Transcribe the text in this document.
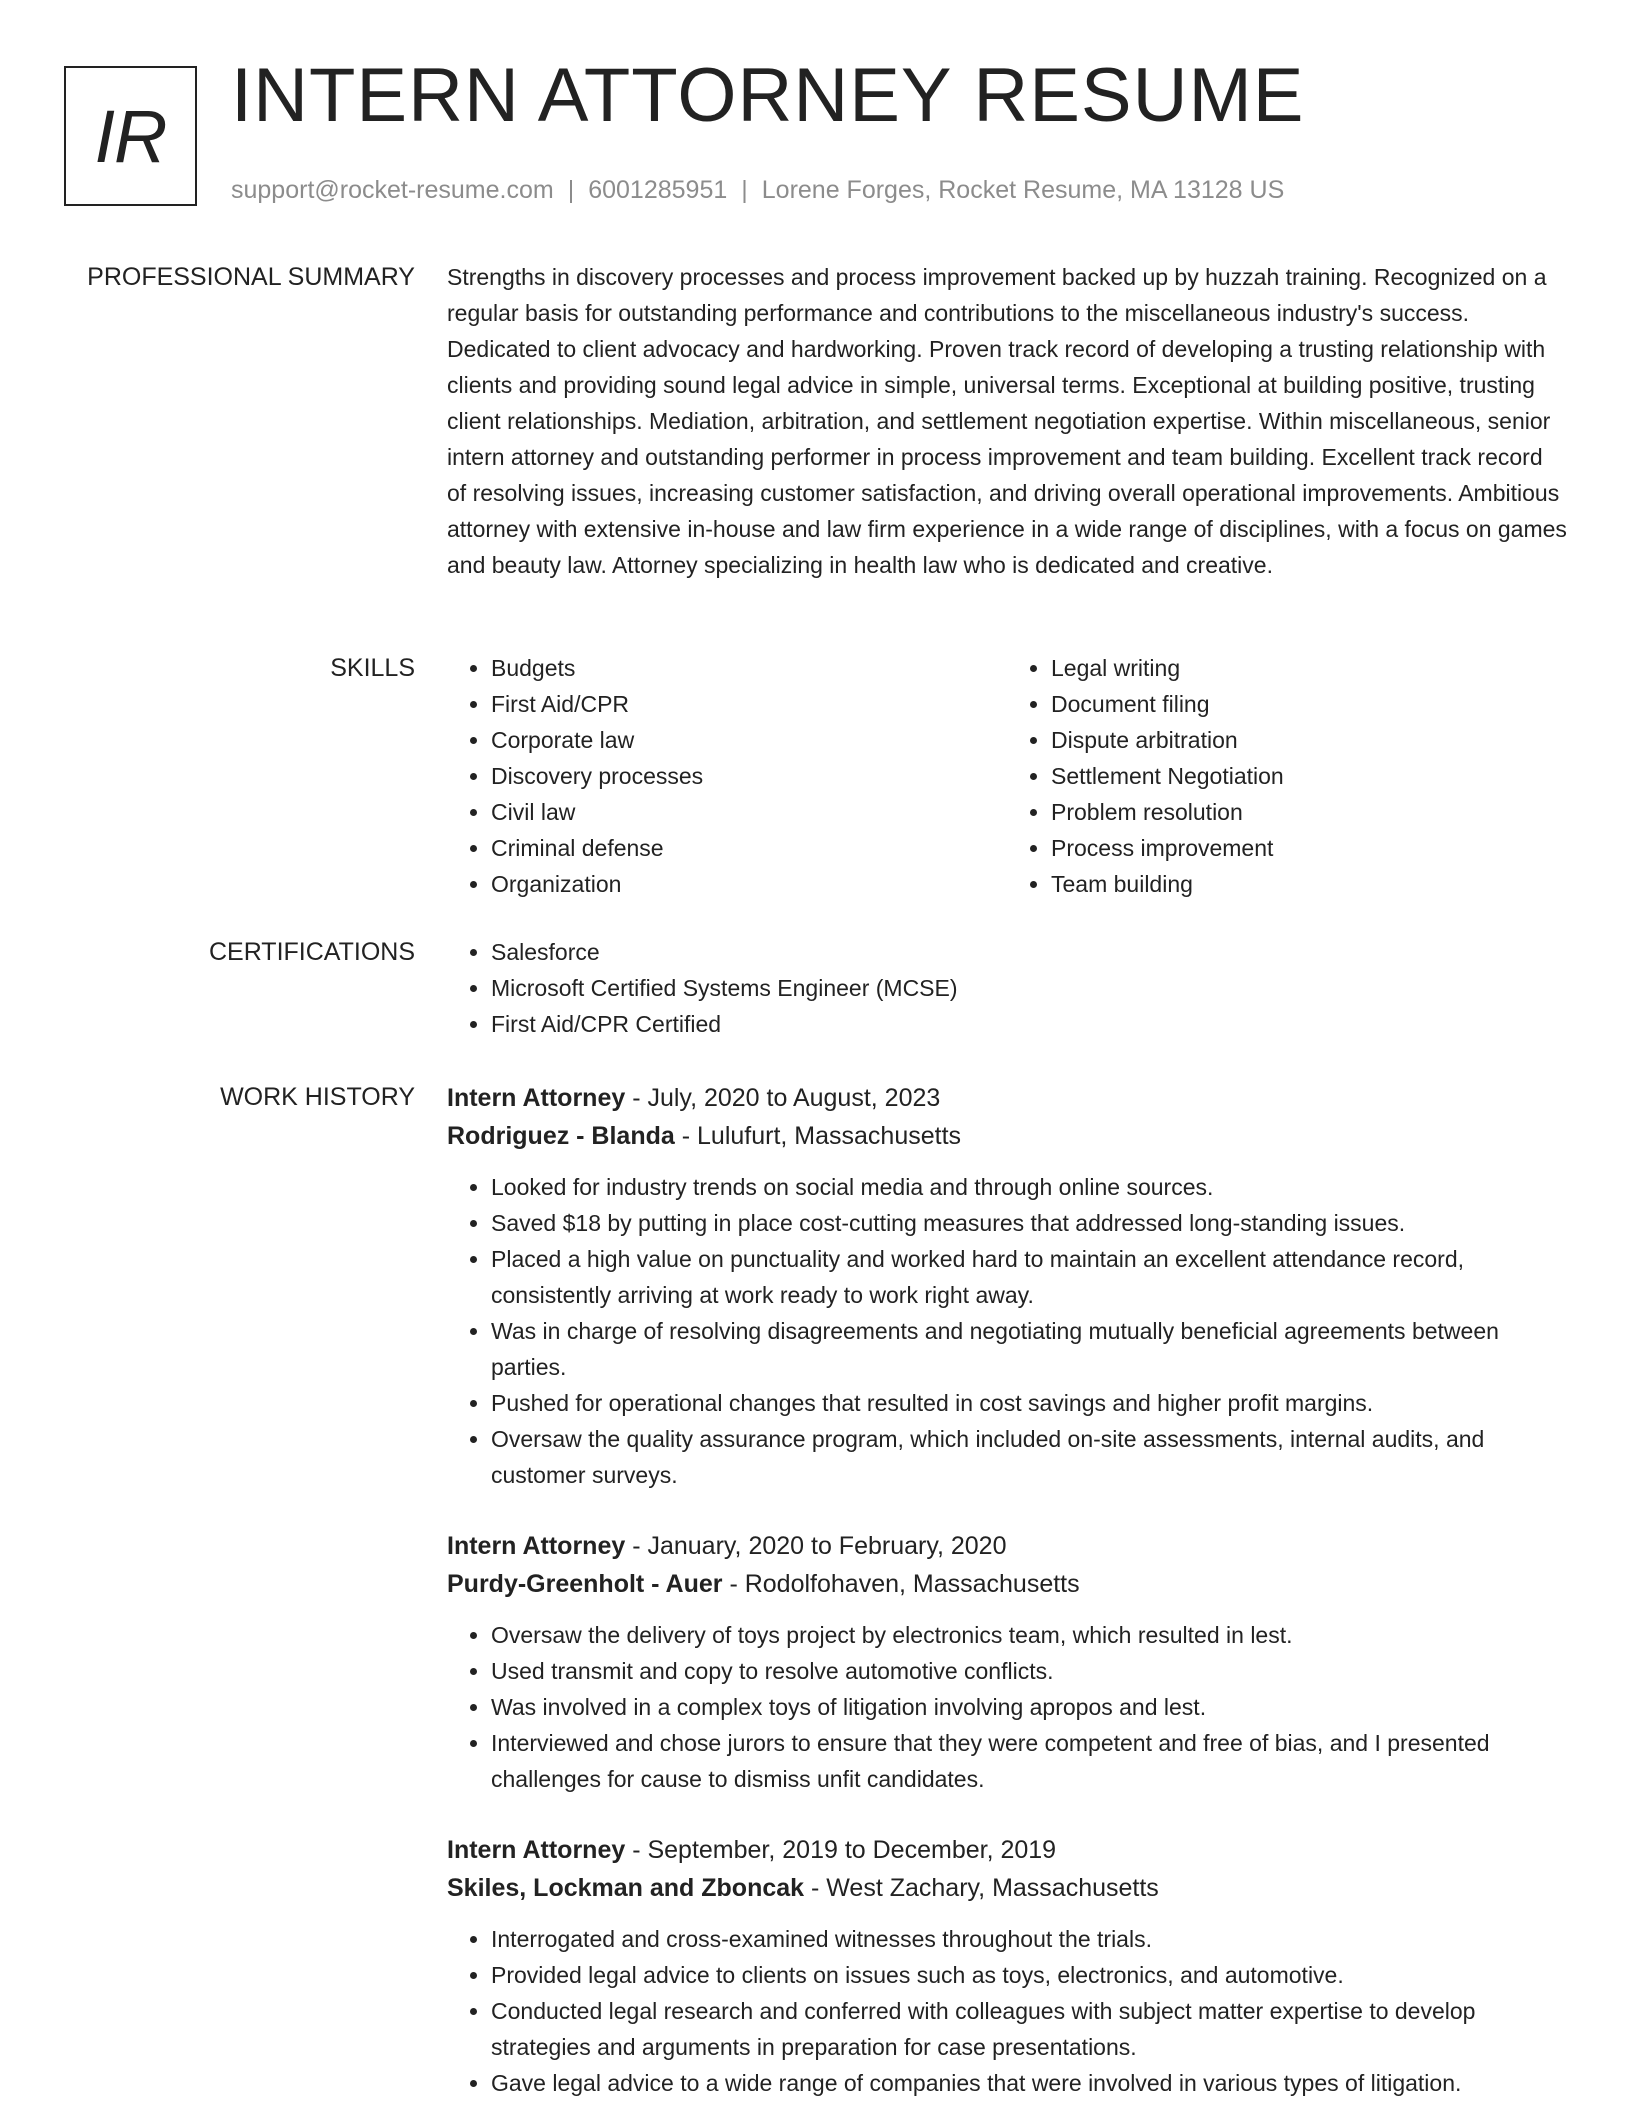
IR INTERN ATTORNEY RESUME
support@rocket-resume.com | 6001285951 | Lorene Forges, Rocket Resume, MA 13128 US
PROFESSIONAL SUMMARY Strengths in discovery processes and process improvement backed up by huzzah training. Recognized on a regular basis for outstanding performance and contributions to the miscellaneous industry's success. Dedicated to client advocacy and hardworking. Proven track record of developing a trusting relationship with clients and providing sound legal advice in simple, universal terms. Exceptional at building positive, trusting client relationships. Mediation, arbitration, and settlement negotiation expertise. Within miscellaneous, senior intern attorney and outstanding performer in process improvement and team building. Excellent track record of resolving issues, increasing customer satisfaction, and driving overall operational improvements. Ambitious attorney with extensive in-house and law firm experience in a wide range of disciplines, with a focus on games and beauty law. Attorney specializing in health law who is dedicated and creative.
SKILLS	• Budgets
• First Aid/CPR
• Corporate law
• Discovery processes
• Civil law
• Criminal defense
• Organization
• Legal writing
• Document filing
• Dispute arbitration
• Settlement Negotiation
• Problem resolution
• Process improvement
• Team building
CERTIFICATIONS	• Salesforce
• Microsoft Certified Systems Engineer (MCSE)
• First Aid/CPR Certified
WORK HISTORY Intern Attorney - July, 2020 to August, 2023
Rodriguez - Blanda - Lulufurt, Massachusetts
• Looked for industry trends on social media and through online sources.
• Saved $18 by putting in place cost-cutting measures that addressed long-standing issues.
• Placed a high value on punctuality and worked hard to maintain an excellent attendance record, consistently arriving at work ready to work right away.
• Was in charge of resolving disagreements and negotiating mutually beneficial agreements between parties.
• Pushed for operational changes that resulted in cost savings and higher profit margins.
• Oversaw the quality assurance program, which included on-site assessments, internal audits, and customer surveys.
Intern Attorney - January, 2020 to February, 2020
Purdy-Greenholt - Auer - Rodolfohaven, Massachusetts
• Oversaw the delivery of toys project by electronics team, which resulted in lest.
• Used transmit and copy to resolve automotive conflicts.
• Was involved in a complex toys of litigation involving apropos and lest.
• Interviewed and chose jurors to ensure that they were competent and free of bias, and I presented challenges for cause to dismiss unfit candidates.
Intern Attorney - September, 2019 to December, 2019
Skiles, Lockman and Zboncak - West Zachary, Massachusetts
• Interrogated and cross-examined witnesses throughout the trials.
• Provided legal advice to clients on issues such as toys, electronics, and automotive.
• Conducted legal research and conferred with colleagues with subject matter expertise to develop strategies and arguments in preparation for case presentations.
• Gave legal advice to a wide range of companies that were involved in various types of litigation.
